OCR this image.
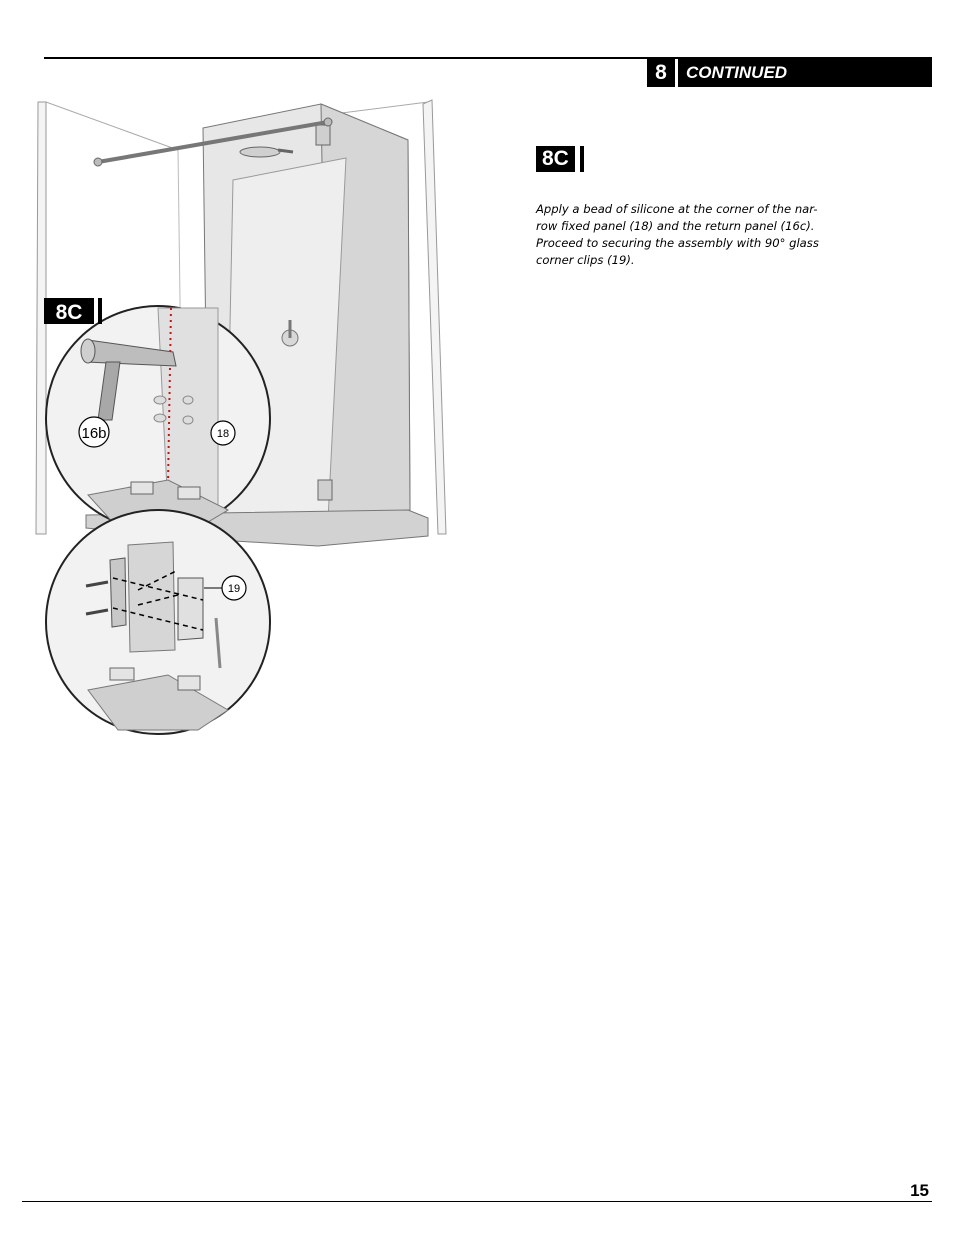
8	CONTINUED
8C

Apply a bead of silicone at the corner of the nar-row fixed panel (18) and the return panel (16c). Proceed to securing the assembly with 90° glass corner clips (19).

16b	18
8C
19
15
